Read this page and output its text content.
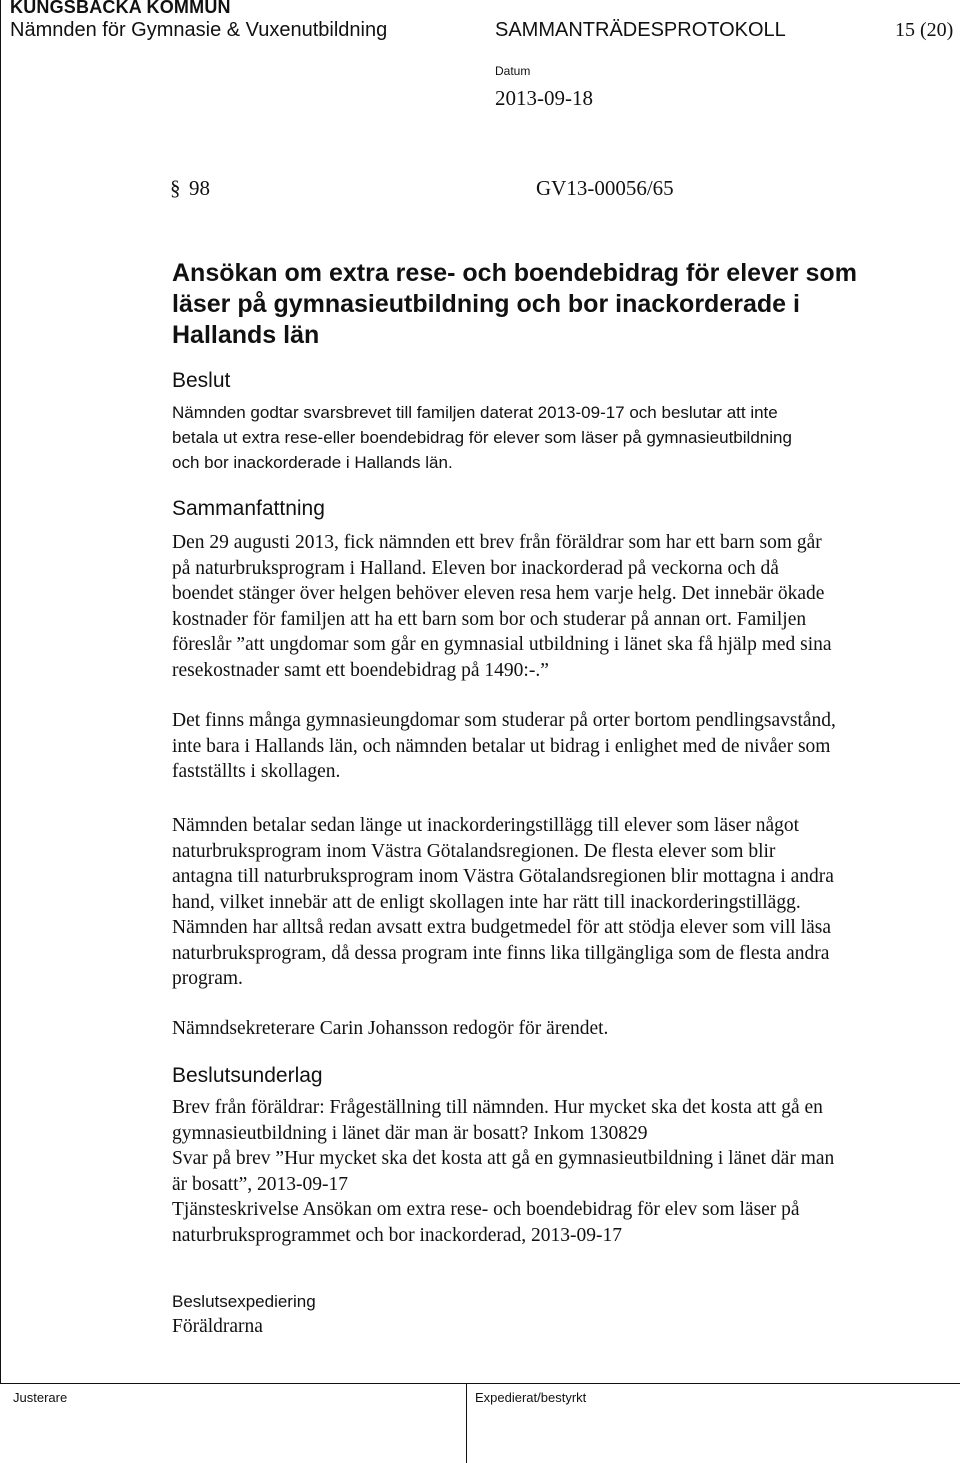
KUNGSBACKA KOMMUN
Nämnden för Gymnasie & Vuxenutbildning	SAMMANTRÄDESPROTOKOLL	15 (20)
Datum
2013-09-18
§ 98	GV13-00056/65
Ansökan om extra rese- och boendebidrag för elever som
läser på gymnasieutbildning och bor inackorderade i
Hallands län
Beslut
Nämnden godtar svarsbrevet till familjen daterat 2013-09-17 och beslutar att inte
betala ut extra rese-eller boendebidrag för elever som läser på gymnasieutbildning
och bor inackorderade i Hallands län.
Sammanfattning
Den 29 augusti 2013, fick nämnden ett brev från föräldrar som har ett barn som går
på naturbruksprogram i Halland. Eleven bor inackorderad på veckorna och då
boendet stänger över helgen behöver eleven resa hem varje helg. Det innebär ökade
kostnader för familjen att ha ett barn som bor och studerar på annan ort. Familjen
föreslår ”att ungdomar som går en gymnasial utbildning i länet ska få hjälp med sina
resekostnader samt ett boendebidrag på 1490:-.”
Det finns många gymnasieungdomar som studerar på orter bortom pendlingsavstånd,
inte bara i Hallands län, och nämnden betalar ut bidrag i enlighet med de nivåer som
fastställts i skollagen.
Nämnden betalar sedan länge ut inackorderingstillägg till elever som läser något
naturbruksprogram inom Västra Götalandsregionen. De flesta elever som blir
antagna till naturbruksprogram inom Västra Götalandsregionen blir mottagna i andra
hand, vilket innebär att de enligt skollagen inte har rätt till inackorderingstillägg.
Nämnden har alltså redan avsatt extra budgetmedel för att stödja elever som vill läsa
naturbruksprogram, då dessa program inte finns lika tillgängliga som de flesta andra
program.
Nämndsekreterare Carin Johansson redogör för ärendet.
Beslutsunderlag
Brev från föräldrar: Frågeställning till nämnden. Hur mycket ska det kosta att gå en
gymnasieutbildning i länet där man är bosatt? Inkom 130829
Svar på brev ”Hur mycket ska det kosta att gå en gymnasieutbildning i länet där man
är bosatt”, 2013-09-17
Tjänsteskrivelse Ansökan om extra rese- och boendebidrag för elev som läser på
naturbruksprogrammet och bor inackorderad, 2013-09-17
Beslutsexpediering
Föräldrarna
Justerare	Expedierat/bestyrkt
